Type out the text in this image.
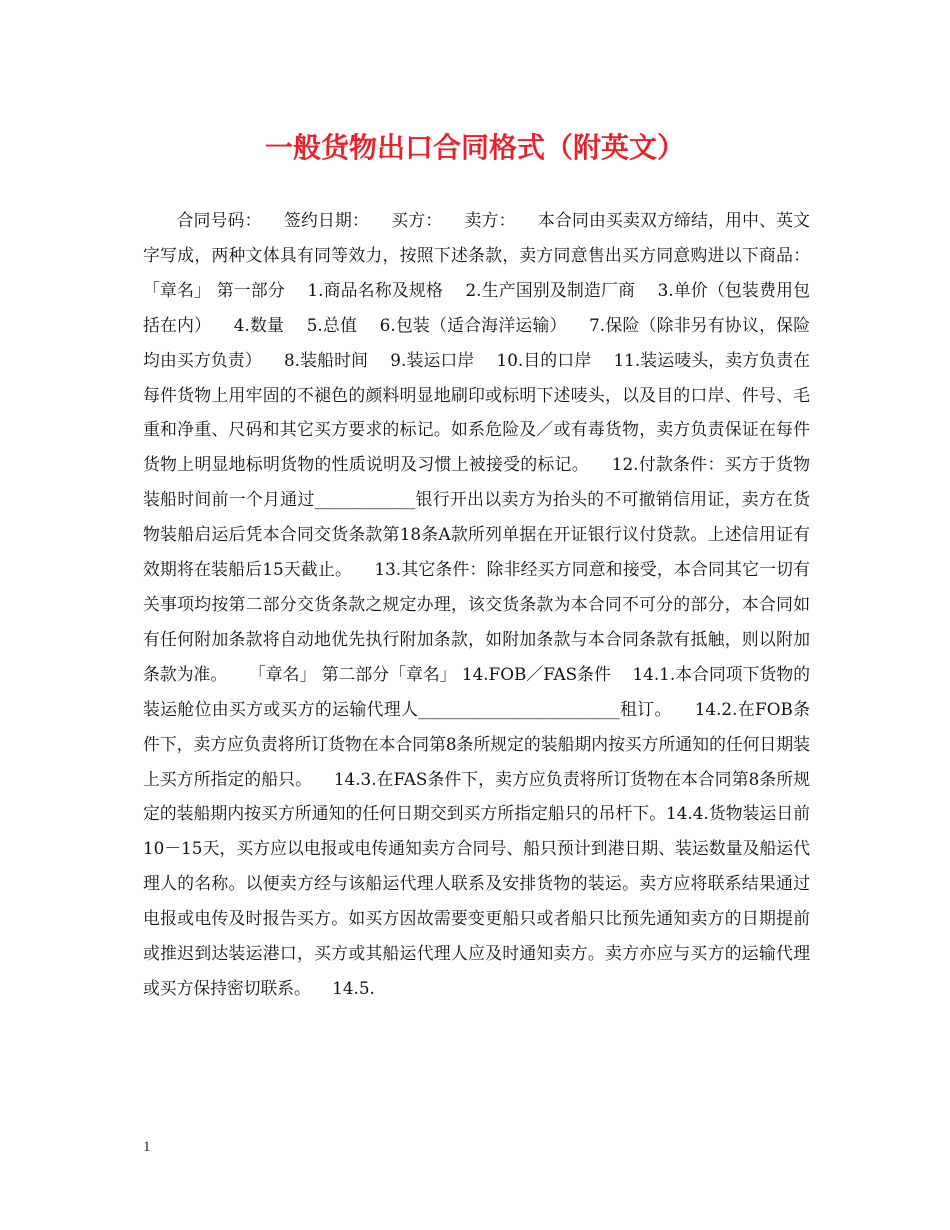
一般货物出口合同格式（附英文）

合同号码：    签约日期：    买方：    卖方：    本合同由买卖双方缔结，用中、英文字写成，两种文体具有同等效力，按照下述条款，卖方同意售出买方同意购进以下商品：    「章名」 第一部分    1.商品名称及规格    2.生产国别及制造厂商    3.单价（包装费用包括在内）    4.数量    5.总值    6.包装（适合海洋运输）    7.保险（除非另有协议，保险均由买方负责）    8.装船时间    9.装运口岸    10.目的口岸    11.装运唛头，卖方负责在每件货物上用牢固的不褪色的颜料明显地刷印或标明下述唛头，以及目的口岸、件号、毛重和净重、尺码和其它买方要求的标记。如系危险及／或有毒货物，卖方负责保证在每件货物上明显地标明货物的性质说明及习惯上被接受的标记。    12.付款条件：买方于货物装船时间前一个月通过____________银行开出以卖方为抬头的不可撤销信用证，卖方在货物装船启运后凭本合同交货条款第18条A款所列单据在开证银行议付贷款。上述信用证有效期将在装船后15天截止。    13.其它条件：除非经买方同意和接受，本合同其它一切有关事项均按第二部分交货条款之规定办理，该交货条款为本合同不可分的部分，本合同如有任何附加条款将自动地优先执行附加条款，如附加条款与本合同条款有抵触，则以附加条款为准。    「章名」 第二部分「章名」 14.FOB／FAS条件    14.1.本合同项下货物的装运舱位由买方或买方的运输代理人________________________租订。    14.2.在FOB条件下，卖方应负责将所订货物在本合同第8条所规定的装船期内按买方所通知的任何日期装上买方所指定的船只。    14.3.在FAS条件下，卖方应负责将所订货物在本合同第8条所规定的装船期内按买方所通知的任何日期交到买方所指定船只的吊杆下。14.4.货物装运日前10－15天，买方应以电报或电传通知卖方合同号、船只预计到港日期、装运数量及船运代理人的名称。以便卖方经与该船运代理人联系及安排货物的装运。卖方应将联系结果通过电报或电传及时报告买方。如买方因故需要变更船只或者船只比预先通知卖方的日期提前或推迟到达装运港口，买方或其船运代理人应及时通知卖方。卖方亦应与买方的运输代理或买方保持密切联系。    14.5.

1
